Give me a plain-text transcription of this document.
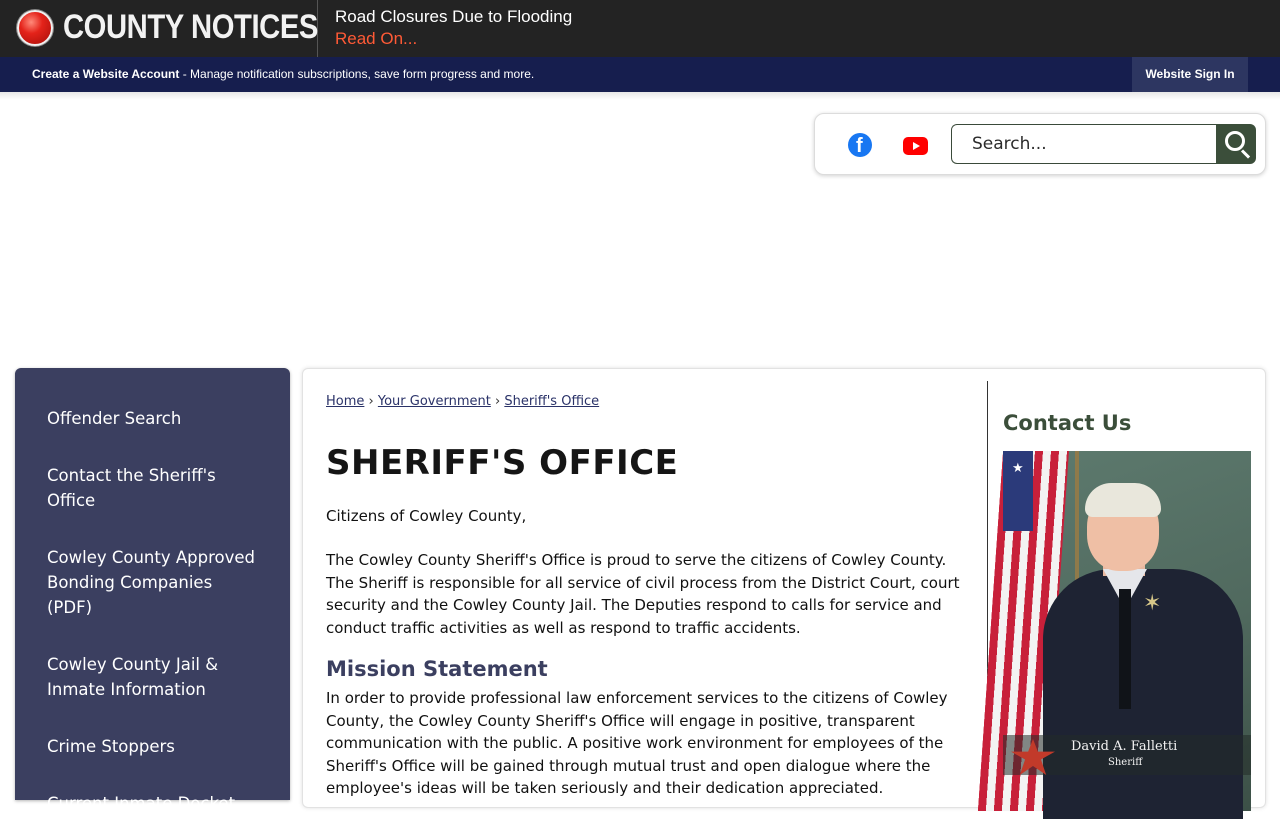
COUNTY NOTICES Road Closures Due to Flooding
Read On...
Create a Website Account - Manage notification subscriptions, save form progress and more.	Website Sign In
f
Search...
Offender Search
Contact the Sheriff's Office
Cowley County Approved Bonding Companies (PDF)
Cowley County Jail & Inmate Information
Crime Stoppers
Current Inmate Docket
Home › Your Government › Sheriff's Office
SHERIFF'S OFFICE

Citizens of Cowley County,

The Cowley County Sheriff's Office is proud to serve the citizens of Cowley County. The Sheriff is responsible for all service of civil process from the District Court, court security and the Cowley County Jail. The Deputies respond to calls for service and conduct traffic activities as well as respond to traffic accidents.

Mission Statement

In order to provide professional law enforcement services to the citizens of Cowley County, the Cowley County Sheriff's Office will engage in positive, transparent communication with the public. A positive work environment for employees of the Sheriff's Office will be gained through mutual trust and open dialogue where the employee's ideas will be taken seriously and their dedication appreciated.

Contact Us
★
✶
David A. Falletti
Sheriff
